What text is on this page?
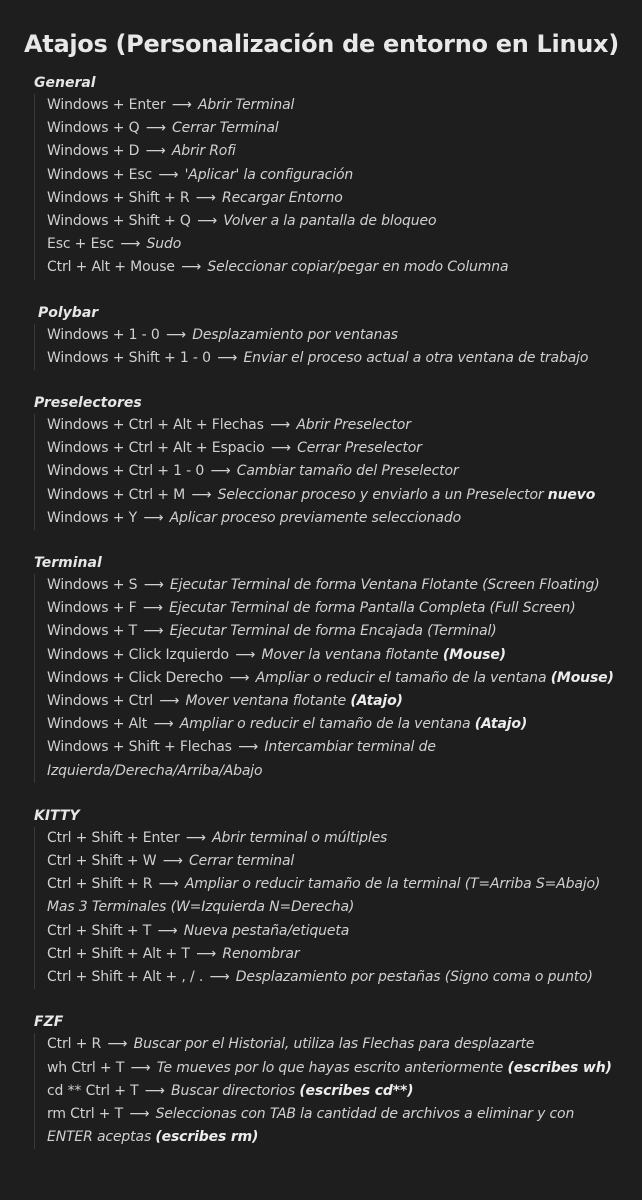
Atajos (Personalización de entorno en Linux)
General
Windows + Enter ⟶ Abrir Terminal
Windows + Q ⟶ Cerrar Terminal
Windows + D ⟶ Abrir Rofi
Windows + Esc ⟶ 'Aplicar' la configuración
Windows + Shift + R ⟶ Recargar Entorno
Windows + Shift + Q ⟶ Volver a la pantalla de bloqueo
Esc + Esc ⟶ Sudo
Ctrl + Alt + Mouse ⟶ Seleccionar copiar/pegar en modo Columna
Polybar
Windows + 1 - 0 ⟶ Desplazamiento por ventanas
Windows + Shift + 1 - 0 ⟶ Enviar el proceso actual a otra ventana de trabajo
Preselectores
Windows + Ctrl + Alt + Flechas ⟶ Abrir Preselector
Windows + Ctrl + Alt + Espacio ⟶ Cerrar Preselector
Windows + Ctrl + 1 - 0 ⟶ Cambiar tamaño del Preselector
Windows + Ctrl + M ⟶ Seleccionar proceso y enviarlo a un Preselector nuevo
Windows + Y ⟶ Aplicar proceso previamente seleccionado
Terminal
Windows + S ⟶ Ejecutar Terminal de forma Ventana Flotante (Screen Floating)
Windows + F ⟶ Ejecutar Terminal de forma Pantalla Completa (Full Screen)
Windows + T ⟶ Ejecutar Terminal de forma Encajada (Terminal)
Windows + Click Izquierdo ⟶ Mover la ventana flotante (Mouse)
Windows + Click Derecho ⟶ Ampliar o reducir el tamaño de la ventana (Mouse)
Windows + Ctrl ⟶ Mover ventana flotante (Atajo)
Windows + Alt ⟶ Ampliar o reducir el tamaño de la ventana (Atajo)
Windows + Shift + Flechas ⟶ Intercambiar terminal de Izquierda/Derecha/Arriba/Abajo
KITTY
Ctrl + Shift + Enter ⟶ Abrir terminal o múltiples
Ctrl + Shift + W ⟶ Cerrar terminal
Ctrl + Shift + R ⟶ Ampliar o reducir tamaño de la terminal (T=Arriba S=Abajo) Mas 3 Terminales (W=Izquierda N=Derecha)
Ctrl + Shift + T ⟶ Nueva pestaña/etiqueta
Ctrl + Shift + Alt + T ⟶ Renombrar
Ctrl + Shift + Alt + , / . ⟶ Desplazamiento por pestañas (Signo coma o punto)
FZF
Ctrl + R ⟶ Buscar por el Historial, utiliza las Flechas para desplazarte
wh Ctrl + T ⟶ Te mueves por lo que hayas escrito anteriormente (escribes wh)
cd ** Ctrl + T ⟶ Buscar directorios (escribes cd**)
rm Ctrl + T ⟶ Seleccionas con TAB la cantidad de archivos a eliminar y con ENTER aceptas (escribes rm)
